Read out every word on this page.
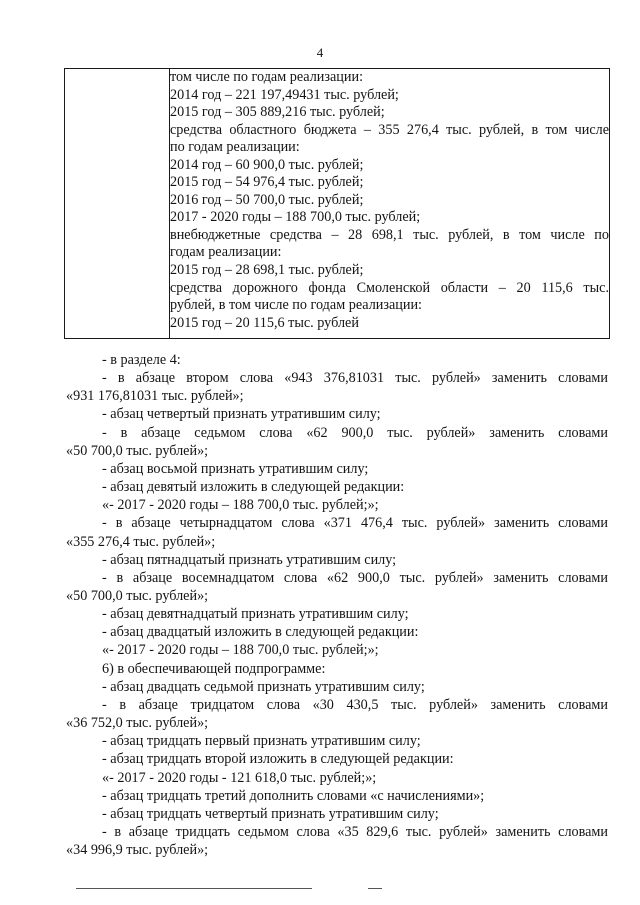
4

том числе по годам реализации:
2014 год – 221 197,49431 тыс. рублей;
2015 год – 305 889,216 тыс. рублей;
средства областного бюджета – 355 276,4 тыс. рублей, в том числе
по годам реализации:
2014 год – 60 900,0 тыс. рублей;
2015 год – 54 976,4 тыс. рублей;
2016 год – 50 700,0 тыс. рублей;
2017 - 2020 годы – 188 700,0 тыс. рублей;
внебюджетные средства – 28 698,1 тыс. рублей, в том числе по
годам реализации:
2015 год – 28 698,1 тыс. рублей;
средства дорожного фонда Смоленской области – 20 115,6 тыс.
рублей, в том числе по годам реализации:
2015 год – 20 115,6 тыс. рублей
- в разделе 4:
- в абзаце втором слова «943 376,81031 тыс. рублей» заменить словами
«931 176,81031 тыс. рублей»;
- абзац четвертый признать утратившим силу;
- в абзаце седьмом слова «62 900,0 тыс. рублей» заменить словами
«50 700,0 тыс. рублей»;
- абзац восьмой признать утратившим силу;
- абзац девятый изложить в следующей редакции:
«- 2017 - 2020 годы – 188 700,0 тыс. рублей;»;
- в абзаце четырнадцатом слова «371 476,4 тыс. рублей» заменить словами
«355 276,4 тыс. рублей»;
- абзац пятнадцатый признать утратившим силу;
- в абзаце восемнадцатом слова «62 900,0 тыс. рублей» заменить словами
«50 700,0 тыс. рублей»;
- абзац девятнадцатый признать утратившим силу;
- абзац двадцатый изложить в следующей редакции:
«- 2017 - 2020 годы – 188 700,0 тыс. рублей;»;
6) в обеспечивающей подпрограмме:
- абзац двадцать седьмой признать утратившим силу;
- в абзаце тридцатом слова «30 430,5 тыс. рублей» заменить словами
«36 752,0 тыс. рублей»;
- абзац тридцать первый признать утратившим силу;
- абзац тридцать второй изложить в следующей редакции:
«- 2017 - 2020 годы - 121 618,0 тыс. рублей;»;
- абзац тридцать третий дополнить словами «с начислениями»;
- абзац тридцать четвертый признать утратившим силу;
- в абзаце тридцать седьмом слова «35 829,6 тыс. рублей» заменить словами
«34 996,9 тыс. рублей»;
